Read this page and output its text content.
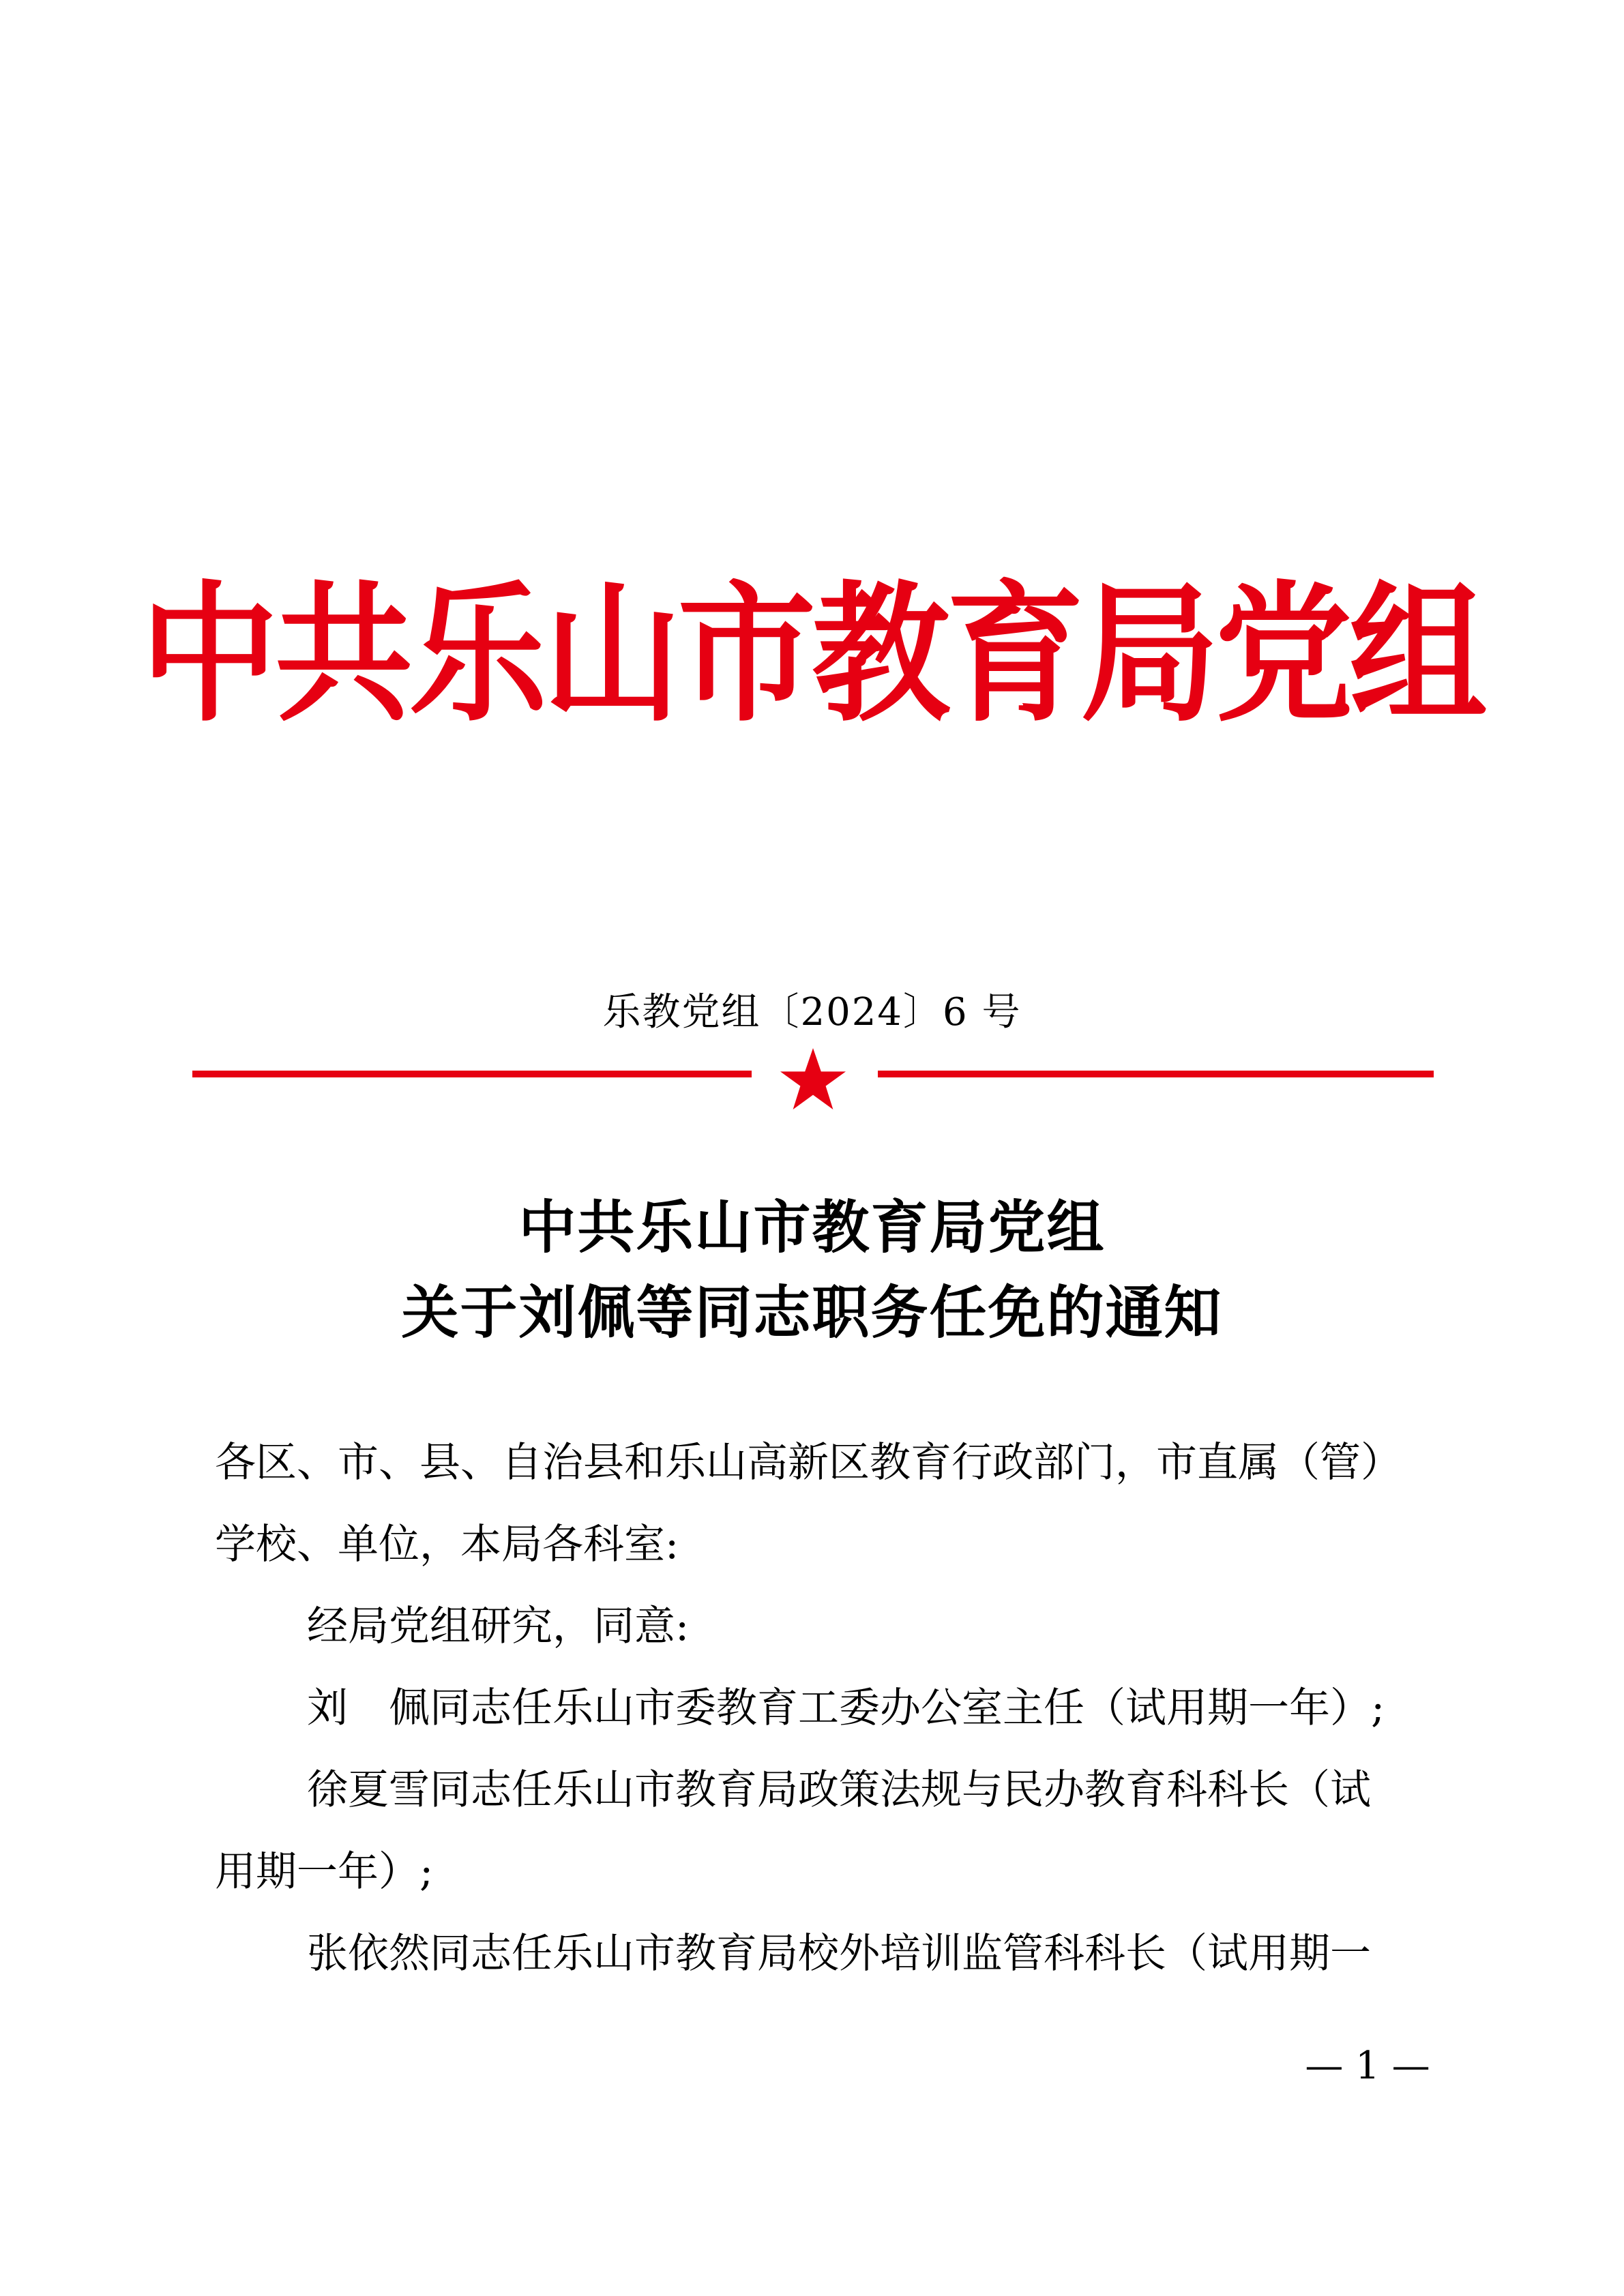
中共乐山市教育局党组
乐教党组〔2024〕6 号
中共乐山市教育局党组
关于刘佩等同志职务任免的通知
各区、市、县、自治县和乐山高新区教育行政部门，市直属（管）
学校、单位，本局各科室:
经局党组研究，同意:
刘　佩同志任乐山市委教育工委办公室主任（试用期一年）;
徐夏雪同志任乐山市教育局政策法规与民办教育科科长（试
用期一年）;
张依然同志任乐山市教育局校外培训监管科科长（试用期一
— 1 —
